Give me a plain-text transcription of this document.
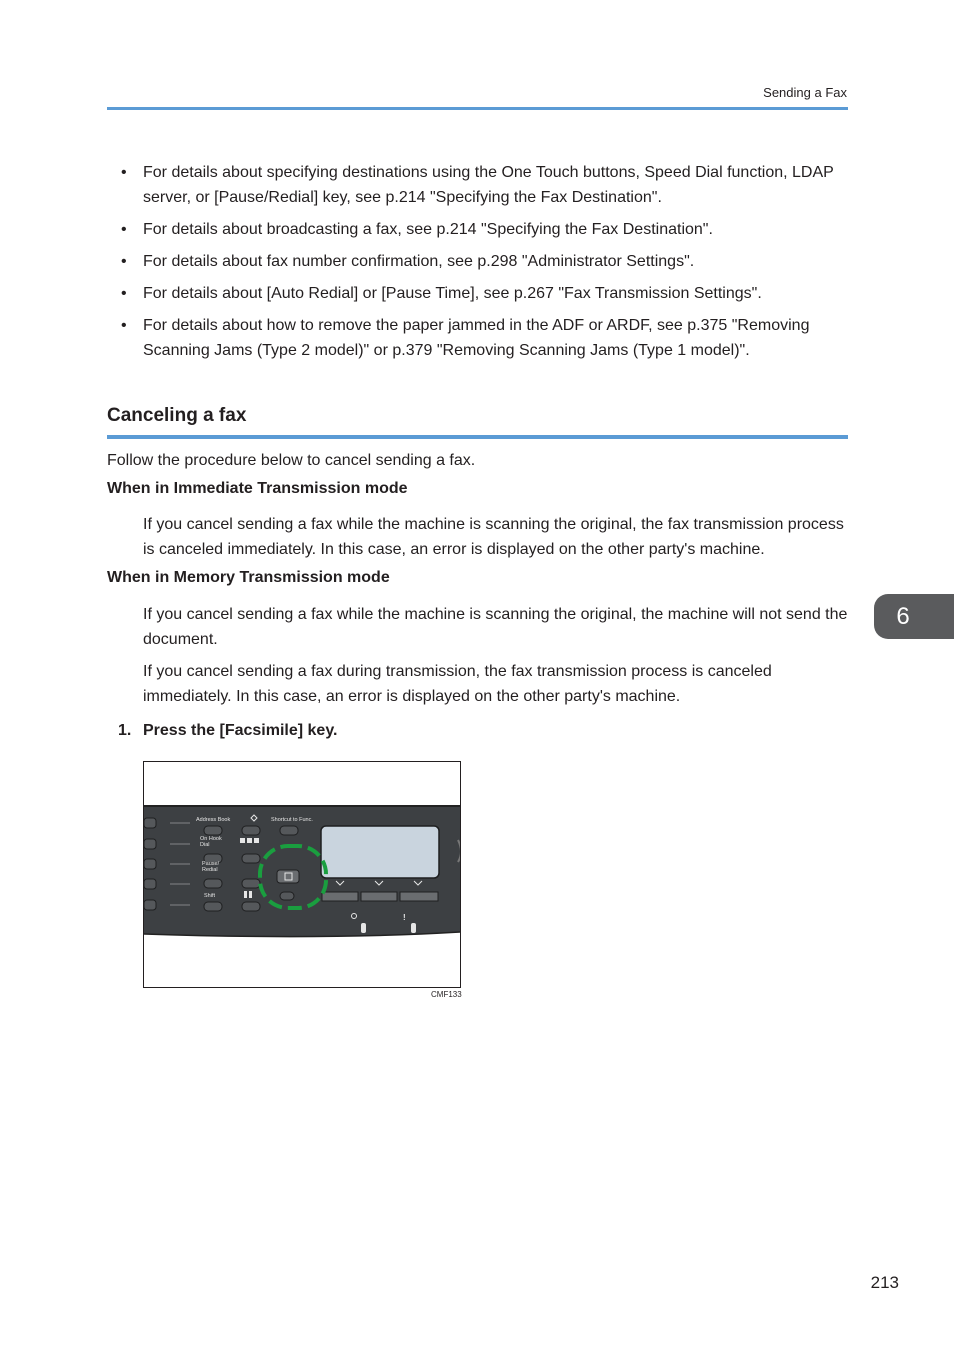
Sending a Fax
• For details about specifying destinations using the One Touch buttons, Speed Dial function, LDAP server, or [Pause/Redial] key, see p.214 "Specifying the Fax Destination".
• For details about broadcasting a fax, see p.214 "Specifying the Fax Destination".
• For details about fax number confirmation, see p.298 "Administrator Settings".
• For details about [Auto Redial] or [Pause Time], see p.267 "Fax Transmission Settings".
• For details about how to remove the paper jammed in the ADF or ARDF, see p.375 "Removing Scanning Jams (Type 2 model)" or p.379 "Removing Scanning Jams (Type 1 model)".
Canceling a fax
Follow the procedure below to cancel sending a fax.
When in Immediate Transmission mode
If you cancel sending a fax while the machine is scanning the original, the fax transmission process is canceled immediately. In this case, an error is displayed on the other party's machine.
When in Memory Transmission mode
If you cancel sending a fax while the machine is scanning the original, the machine will not send the document.
If you cancel sending a fax during transmission, the fax transmission process is canceled immediately. In this case, an error is displayed on the other party's machine.
1. Press the [Facsimile] key.
Address Book	Shortcut to Func.
On Hook
Dial
Pause/
Redial
Shift
!
CMF133
6
213
